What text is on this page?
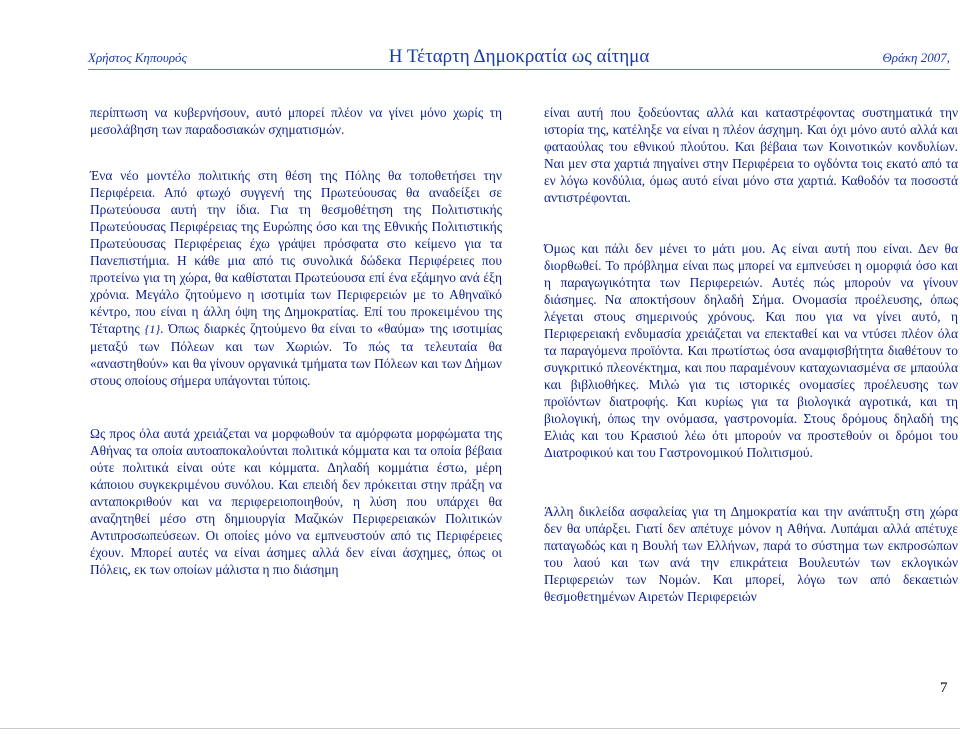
Χρήστος Κηπουρός	Η Τέταρτη Δημοκρατία ως αίτημα	Θράκη 2007,

περίπτωση να κυβερνήσουν, αυτό μπορεί πλέον να γίνει μόνο χωρίς τη μεσολάβηση των παραδοσιακών σχηματισμών.

Ένα νέο μοντέλο πολιτικής στη θέση της Πόλης θα τοποθετήσει την Περιφέρεια. Από φτωχό συγγενή της Πρωτεύουσας θα αναδείξει σε Πρωτεύουσα αυτή την ίδια. Για τη θεσμοθέτηση της Πολιτιστικής Πρωτεύουσας Περιφέρειας της Ευρώπης όσο και της Εθνικής Πολιτιστικής Πρωτεύουσας Περιφέρειας έχω γράψει πρόσφατα στο κείμενο για τα Πανεπιστήμια. Η κάθε μια από τις συνολικά δώδεκα Περιφέρειες που προτείνω για τη χώρα, θα καθίσταται Πρωτεύουσα επί ένα εξάμηνο ανά έξη χρόνια. Μεγάλο ζητούμενο η ισοτιμία των Περιφερειών με το Αθηναϊκό κέντρο, που είναι η άλλη όψη της Δημοκρατίας. Επί του προκειμένου της Τέταρτης {1}. Όπως διαρκές ζητούμενο θα είναι το «θαύμα» της ισοτιμίας μεταξύ των Πόλεων και των Χωριών. Το πώς τα τελευταία θα «αναστηθούν» και θα γίνουν οργανικά τμήματα των Πόλεων και των Δήμων στους οποίους σήμερα υπάγονται τύποις.

Ως προς όλα αυτά χρειάζεται να μορφωθούν τα αμόρφωτα μορφώματα της Αθήνας τα οποία αυτοαποκαλούνται πολιτικά κόμματα και τα οποία βέβαια ούτε πολιτικά είναι ούτε και κόμματα. Δηλαδή κομμάτια έστω, μέρη κάποιου συγκεκριμένου συνόλου. Και επειδή δεν πρόκειται στην πράξη να ανταποκριθούν και να περιφερειοποιηθούν, η λύση που υπάρχει θα αναζητηθεί μέσο στη δημιουργία Μαζικών Περιφερειακών Πολιτικών Αντιπροσωπεύσεων. Οι οποίες μόνο να εμπνευστούν από τις Περιφέρειες έχουν. Μπορεί αυτές να είναι άσημες αλλά δεν είναι άσχημες, όπως οι Πόλεις, εκ των οποίων μάλιστα η πιο διάσημη

είναι αυτή που ξοδεύοντας αλλά και καταστρέφοντας συστηματικά την ιστορία της, κατέληξε να είναι η πλέον άσχημη. Και όχι μόνο αυτό αλλά και φαταούλας του εθνικού πλούτου. Και βέβαια των Κοινοτικών κονδυλίων. Ναι μεν στα χαρτιά πηγαίνει στην Περιφέρεια το ογδόντα τοις εκατό από τα εν λόγω κονδύλια, όμως αυτό είναι μόνο στα χαρτιά. Καθοδόν τα ποσοστά αντιστρέφονται.

Όμως και πάλι δεν μένει το μάτι μου. Ας είναι αυτή που είναι. Δεν θα διορθωθεί. Το πρόβλημα είναι πως μπορεί να εμπνεύσει η ομορφιά όσο και η παραγωγικότητα των Περιφερειών. Αυτές πώς μπορούν να γίνουν διάσημες. Να αποκτήσουν δηλαδή Σήμα. Ονομασία προέλευσης, όπως λέγεται στους σημερινούς χρόνους. Και που για να γίνει αυτό, η Περιφερειακή ενδυμασία χρειάζεται να επεκταθεί και να ντύσει πλέον όλα τα παραγόμενα προϊόντα. Και πρωτίστως όσα αναμφισβήτητα διαθέτουν το συγκριτικό πλεονέκτημα, και που παραμένουν καταχωνιασμένα σε μπαούλα και βιβλιοθήκες. Μιλώ για τις ιστορικές ονομασίες προέλευσης των προϊόντων διατροφής. Και κυρίως για τα βιολογικά αγροτικά, και τη βιολογική, όπως την ονόμασα, γαστρονομία. Στους δρόμους δηλαδή της Ελιάς και του Κρασιού λέω ότι μπορούν να προστεθούν οι δρόμοι του Διατροφικού και του Γαστρονομικού Πολιτισμού.

Άλλη δικλείδα ασφαλείας για τη Δημοκρατία και την ανάπτυξη στη χώρα δεν θα υπάρξει. Γιατί δεν απέτυχε μόνον η Αθήνα. Λυπάμαι αλλά απέτυχε παταγωδώς και η Βουλή των Ελλήνων, παρά το σύστημα των εκπροσώπων του λαού και των ανά την επικράτεια Βουλευτών των εκλογικών Περιφερειών των Νομών. Και μπορεί, λόγω των από δεκαετιών θεσμοθετημένων Αιρετών Περιφερειών

7
